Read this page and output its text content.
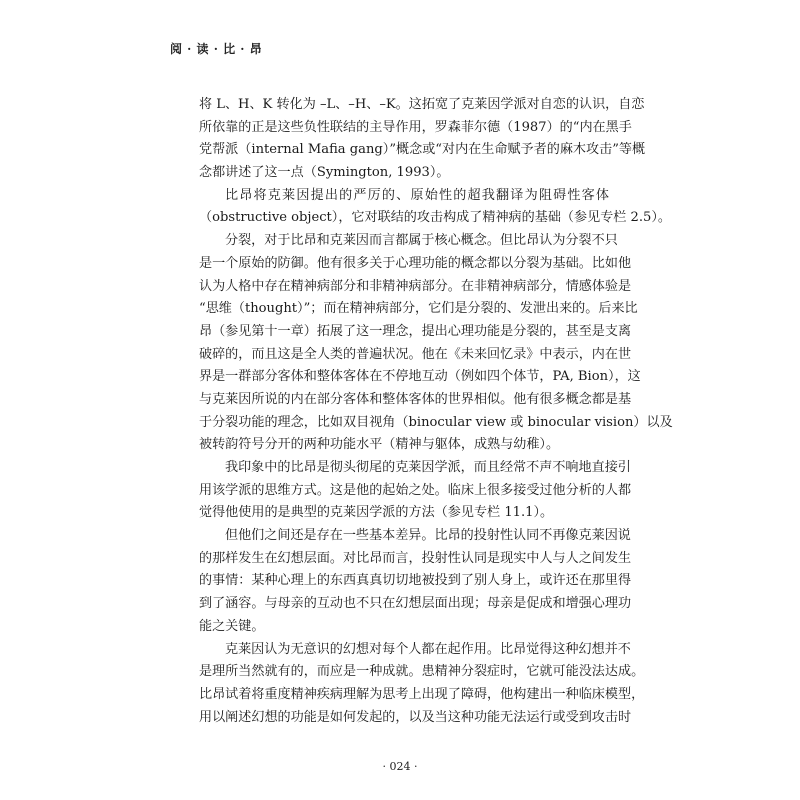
阅 · 读 · 比 · 昂
将 L、H、K 转化为 –L、–H、–K。这拓宽了克莱因学派对自恋的认识，自恋
所依靠的正是这些负性联结的主导作用，罗森菲尔德（1987）的“内在黑手
党帮派（internal Mafia gang）”概念或“对内在生命赋予者的麻木攻击”等概
念都讲述了这一点（Symington, 1993）。
比昂将克莱因提出的严厉的、原始性的超我翻译为阻碍性客体
（obstructive object），它对联结的攻击构成了精神病的基础（参见专栏 2.5）。
分裂，对于比昂和克莱因而言都属于核心概念。但比昂认为分裂不只
是一个原始的防御。他有很多关于心理功能的概念都以分裂为基础。比如他
认为人格中存在精神病部分和非精神病部分。在非精神病部分，情感体验是
“思维（thought）”；而在精神病部分，它们是分裂的、发泄出来的。后来比
昂（参见第十一章）拓展了这一理念，提出心理功能是分裂的，甚至是支离
破碎的，而且这是全人类的普遍状况。他在《未来回忆录》中表示，内在世
界是一群部分客体和整体客体在不停地互动（例如四个体节，PA, Bion），这
与克莱因所说的内在部分客体和整体客体的世界相似。他有很多概念都是基
于分裂功能的理念，比如双目视角（binocular view 或 binocular vision）以及
被转韵符号分开的两种功能水平（精神与躯体，成熟与幼稚）。
我印象中的比昂是彻头彻尾的克莱因学派，而且经常不声不响地直接引
用该学派的思维方式。这是他的起始之处。临床上很多接受过他分析的人都
觉得他使用的是典型的克莱因学派的方法（参见专栏 11.1）。
但他们之间还是存在一些基本差异。比昂的投射性认同不再像克莱因说
的那样发生在幻想层面。对比昂而言，投射性认同是现实中人与人之间发生
的事情：某种心理上的东西真真切切地被投到了别人身上，或许还在那里得
到了涵容。与母亲的互动也不只在幻想层面出现；母亲是促成和增强心理功
能之关键。
克莱因认为无意识的幻想对每个人都在起作用。比昂觉得这种幻想并不
是理所当然就有的，而应是一种成就。患精神分裂症时，它就可能没法达成。
比昂试着将重度精神疾病理解为思考上出现了障碍，他构建出一种临床模型，
用以阐述幻想的功能是如何发起的，以及当这种功能无法运行或受到攻击时
· 024 ·
